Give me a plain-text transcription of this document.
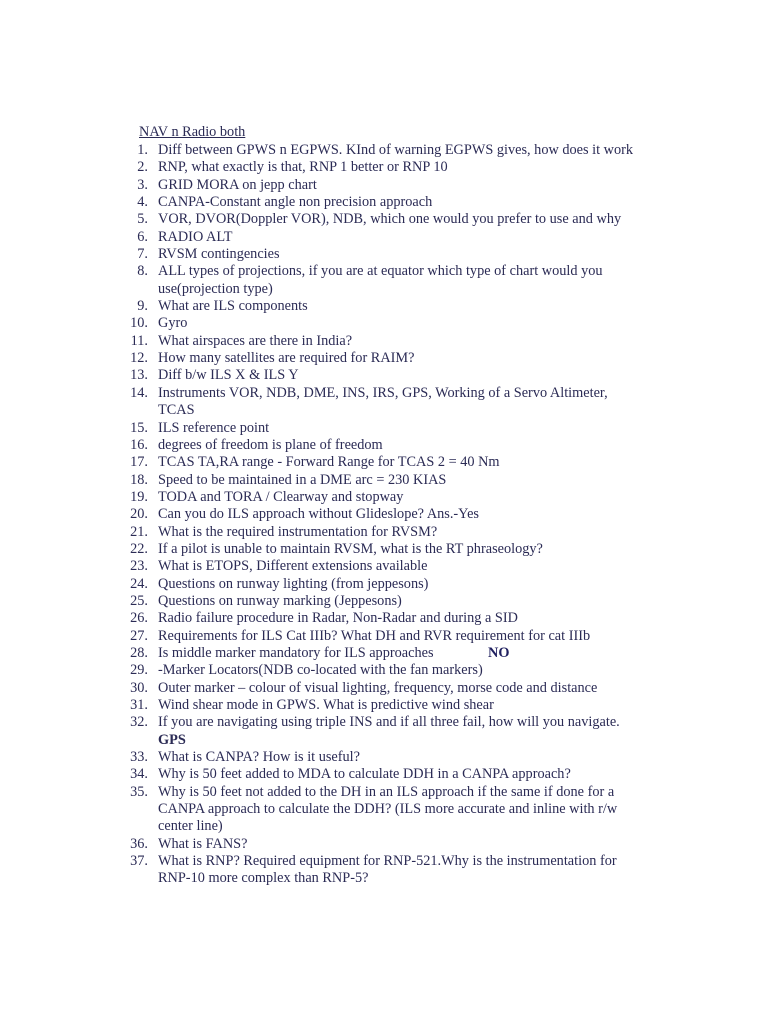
NAV n Radio both
1. Diff between GPWS n EGPWS. KInd of warning EGPWS gives, how does it work
2. RNP, what exactly is that, RNP 1 better or RNP 10
3. GRID MORA on jepp chart
4. CANPA-Constant angle non precision approach
5. VOR, DVOR(Doppler VOR), NDB, which one would you prefer to use and why
6. RADIO ALT
7. RVSM contingencies
8. ALL types of projections, if you are at equator which type of chart would you
use(projection type)
9. What are ILS components
10. Gyro
11. What airspaces are there in India?
12. How many satellites are required for RAIM?
13. Diff b/w ILS X & ILS Y
14. Instruments VOR, NDB, DME, INS, IRS, GPS, Working of a Servo Altimeter,
TCAS
15. ILS reference point
16. degrees of freedom is plane of freedom
17. TCAS TA,RA range - Forward Range for TCAS 2 = 40 Nm
18. Speed to be maintained in a DME arc = 230 KIAS
19. TODA and TORA / Clearway and stopway
20. Can you do ILS approach without Glideslope? Ans.-Yes
21. What is the required instrumentation for RVSM?
22. If a pilot is unable to maintain RVSM, what is the RT phraseology?
23. What is ETOPS, Different extensions available
24. Questions on runway lighting (from jeppesons)
25. Questions on runway marking (Jeppesons)
26. Radio failure procedure in Radar, Non-Radar and during a SID
27. Requirements for ILS Cat IIIb? What DH and RVR requirement for cat IIIb
28. Is middle marker mandatory for ILS approaches	NO
29. -Marker Locators(NDB co-located with the fan markers)
30. Outer marker – colour of visual lighting, frequency, morse code and distance
31. Wind shear mode in GPWS. What is predictive wind shear
32. If you are navigating using triple INS and if all three fail, how will you navigate.
GPS
33. What is CANPA? How is it useful?
34. Why is 50 feet added to MDA to calculate DDH in a CANPA approach?
35. Why is 50 feet not added to the DH in an ILS approach if the same if done for a
CANPA approach to calculate the DDH? (ILS more accurate and inline with r/w
center line)
36. What is FANS?
37. What is RNP? Required equipment for RNP-521.Why is the instrumentation for
RNP-10 more complex than RNP-5?
